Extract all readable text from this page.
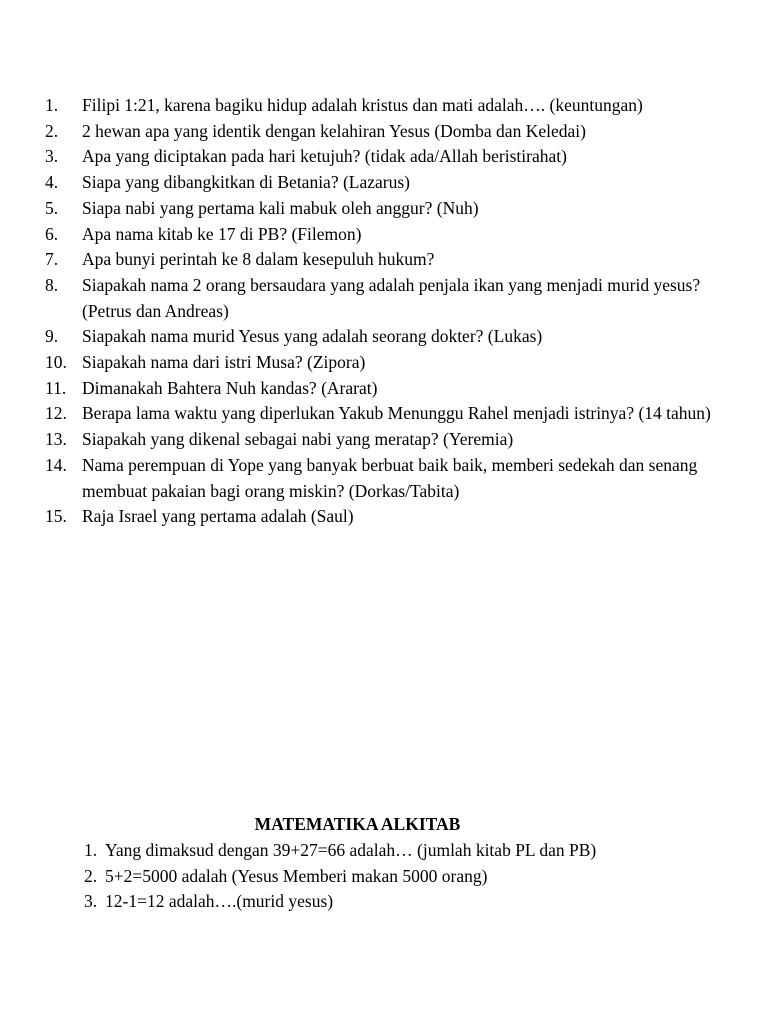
1. Filipi 1:21, karena bagiku hidup adalah kristus dan mati adalah…. (keuntungan)
2. 2 hewan apa yang identik dengan kelahiran Yesus (Domba dan Keledai)
3. Apa yang diciptakan pada hari ketujuh? (tidak ada/Allah beristirahat)
4. Siapa yang dibangkitkan di Betania? (Lazarus)
5. Siapa nabi yang pertama kali mabuk oleh anggur? (Nuh)
6. Apa nama kitab ke 17 di PB? (Filemon)
7. Apa bunyi perintah ke 8 dalam kesepuluh hukum?
8. Siapakah nama 2 orang bersaudara yang adalah penjala ikan yang menjadi murid yesus?(Petrus dan Andreas)
9. Siapakah nama murid Yesus yang adalah seorang dokter? (Lukas)
10. Siapakah nama dari istri Musa? (Zipora)
11. Dimanakah Bahtera Nuh kandas? (Ararat)
12. Berapa lama waktu yang diperlukan Yakub Menunggu Rahel menjadi istrinya? (14 tahun)
13. Siapakah yang dikenal sebagai nabi yang meratap? (Yeremia)
14. Nama perempuan di Yope yang banyak berbuat baik baik, memberi sedekah dan senang membuat pakaian bagi orang miskin? (Dorkas/Tabita)
15. Raja Israel yang pertama adalah (Saul)
MATEMATIKA ALKITAB
1. Yang dimaksud dengan 39+27=66 adalah… (jumlah kitab PL dan PB)
2. 5+2=5000 adalah (Yesus Memberi makan 5000 orang)
3. 12-1=12 adalah….(murid yesus)
